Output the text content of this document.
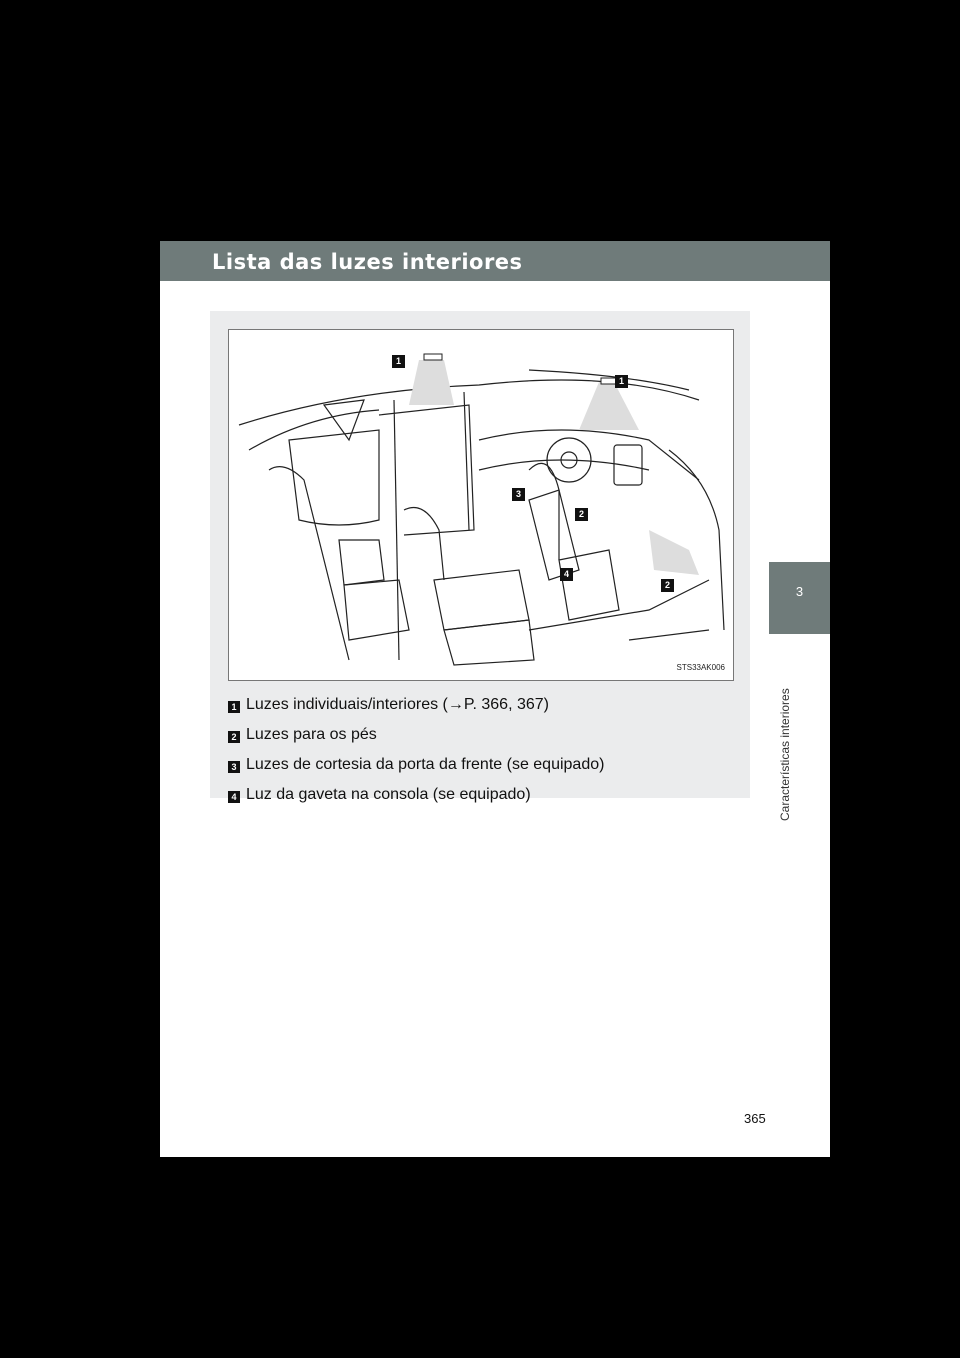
Lista das luzes interiores
3
Características interiores
1
1
3
2
4
2
STS33AK006
1 Luzes individuais/interiores (→P. 366, 367)
2 Luzes para os pés
3 Luzes de cortesia da porta da frente (se equipado)
4 Luz da gaveta na consola (se equipado)
365
